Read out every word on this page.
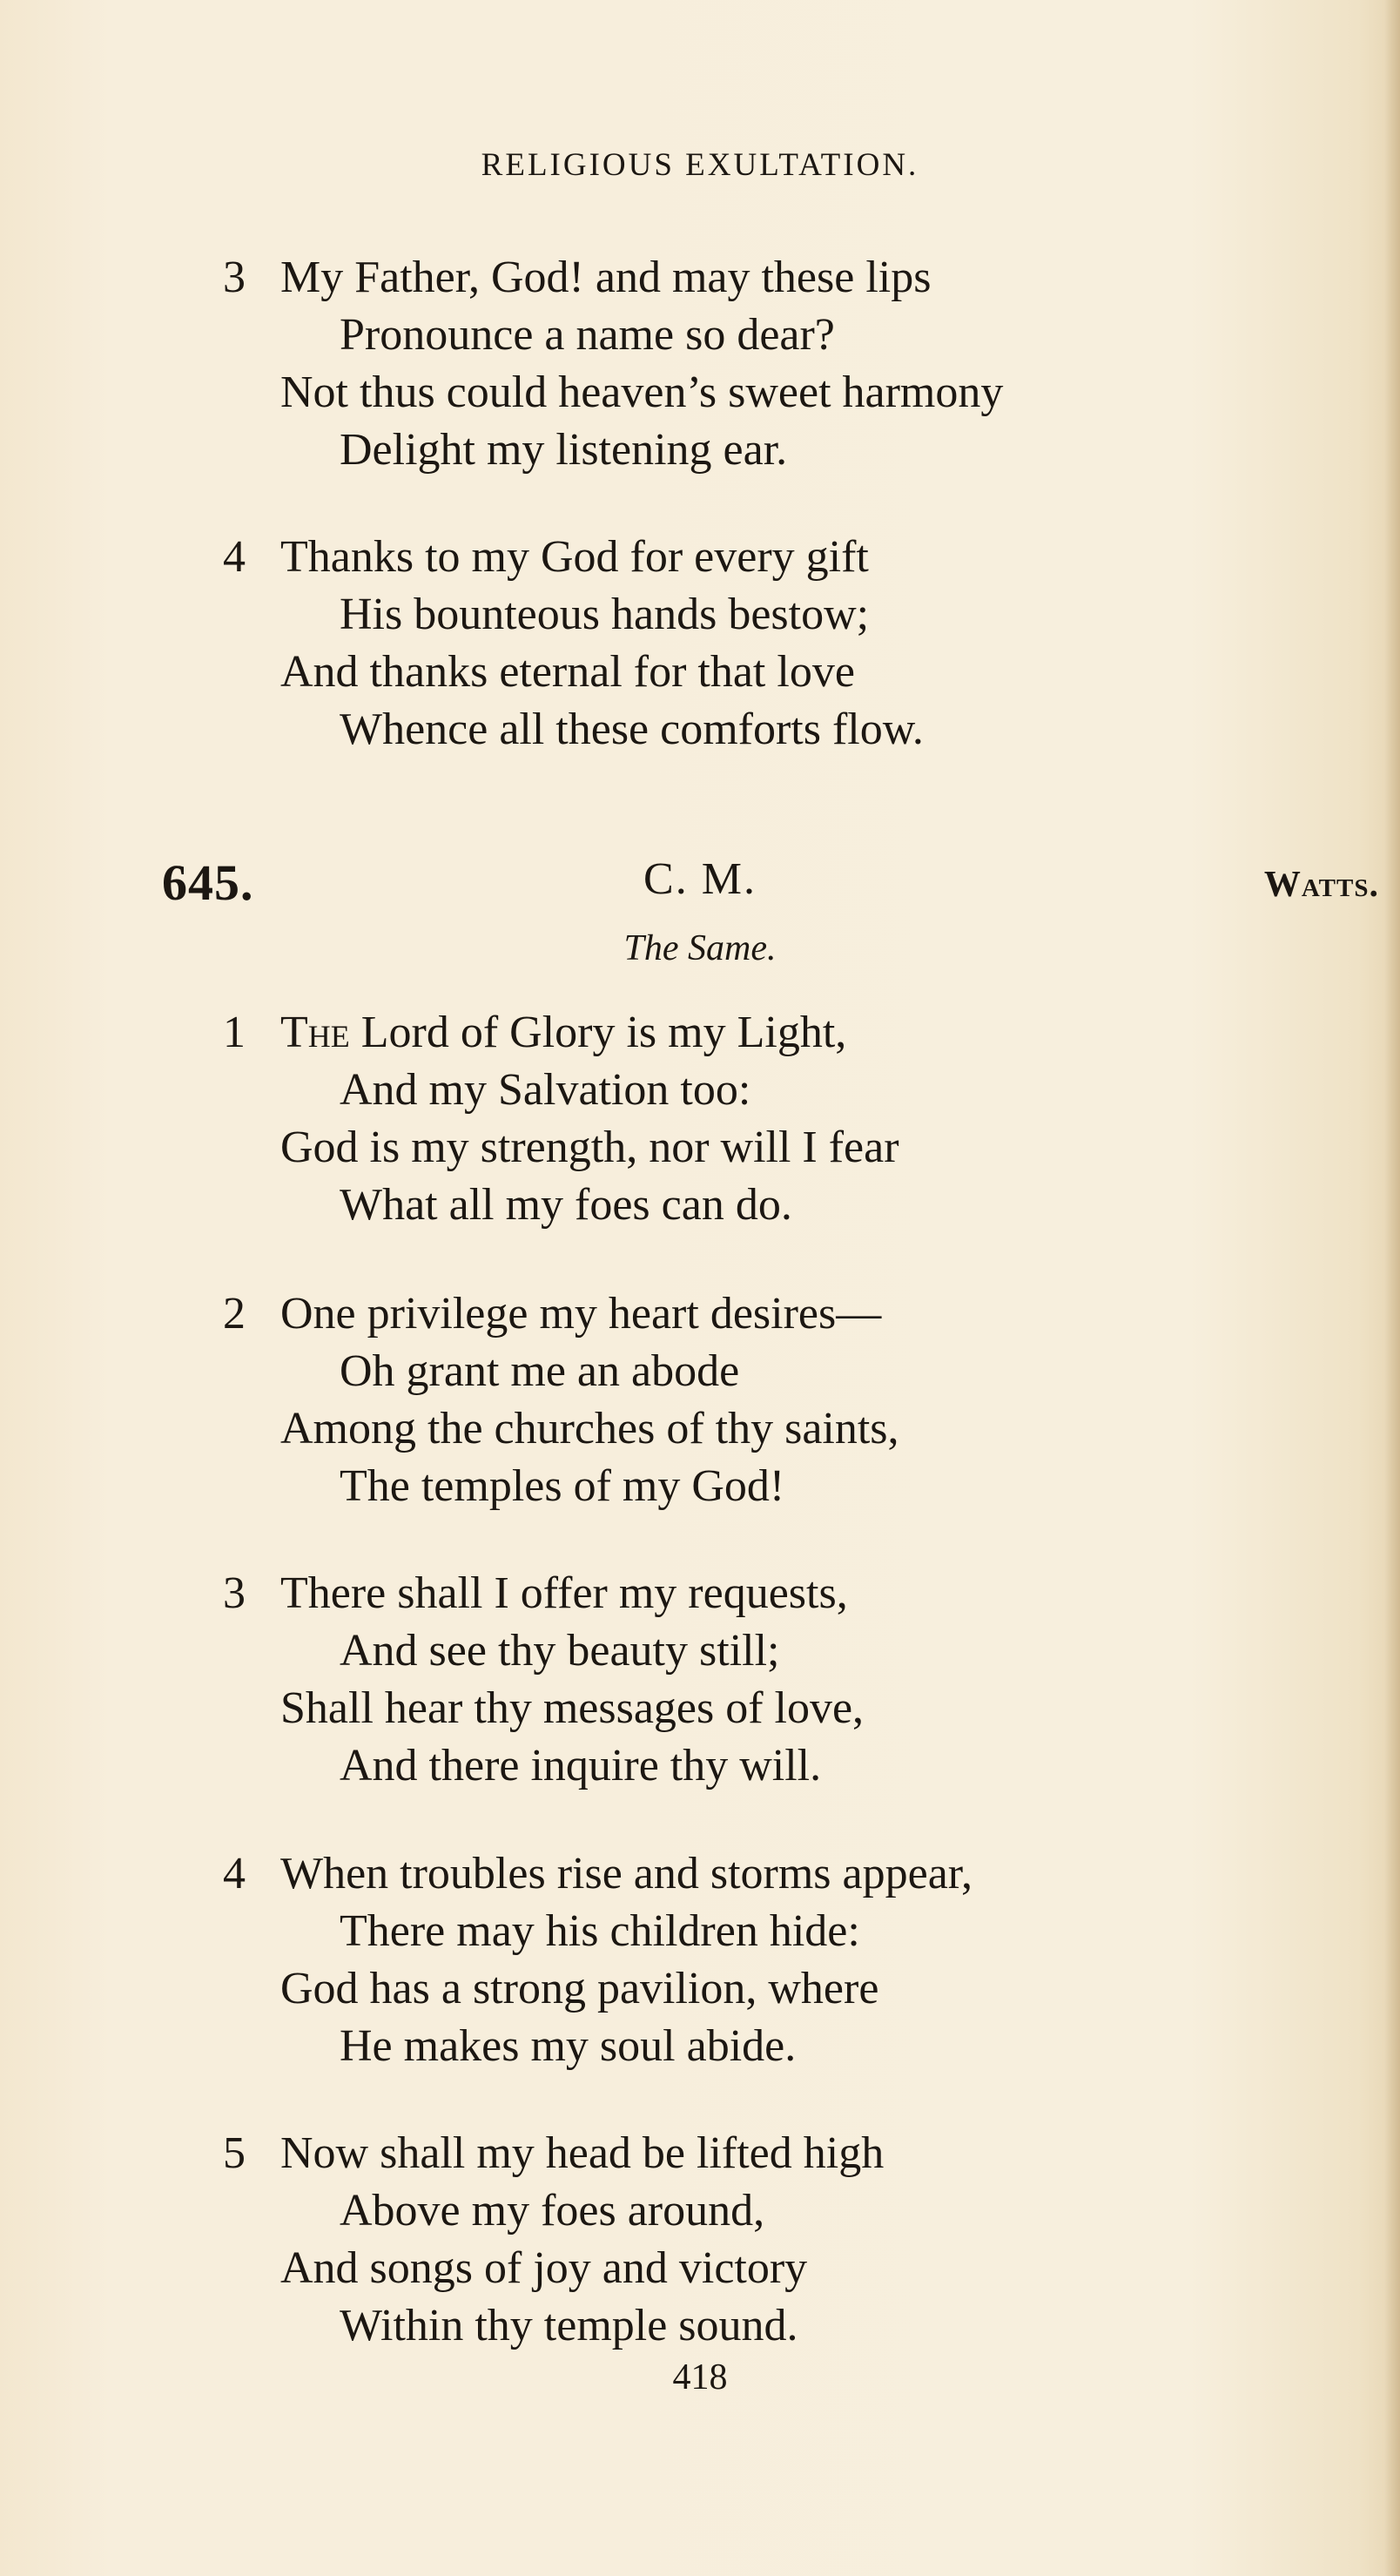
RELIGIOUS EXULTATION.
3 My Father, God! and may these lips
Pronounce a name so dear?
Not thus could heaven’s sweet harmony
Delight my listening ear.
4 Thanks to my God for every gift
His bounteous hands bestow;
And thanks eternal for that love
Whence all these comforts flow.
645.	C. M.	Watts.
The Same.
1 The Lord of Glory is my Light,
And my Salvation too:
God is my strength, nor will I fear
What all my foes can do.
2 One privilege my heart desires—
Oh grant me an abode
Among the churches of thy saints,
The temples of my God!
3 There shall I offer my requests,
And see thy beauty still;
Shall hear thy messages of love,
And there inquire thy will.
4 When troubles rise and storms appear,
There may his children hide:
God has a strong pavilion, where
He makes my soul abide.
5 Now shall my head be lifted high
Above my foes around,
And songs of joy and victory
Within thy temple sound.
418
